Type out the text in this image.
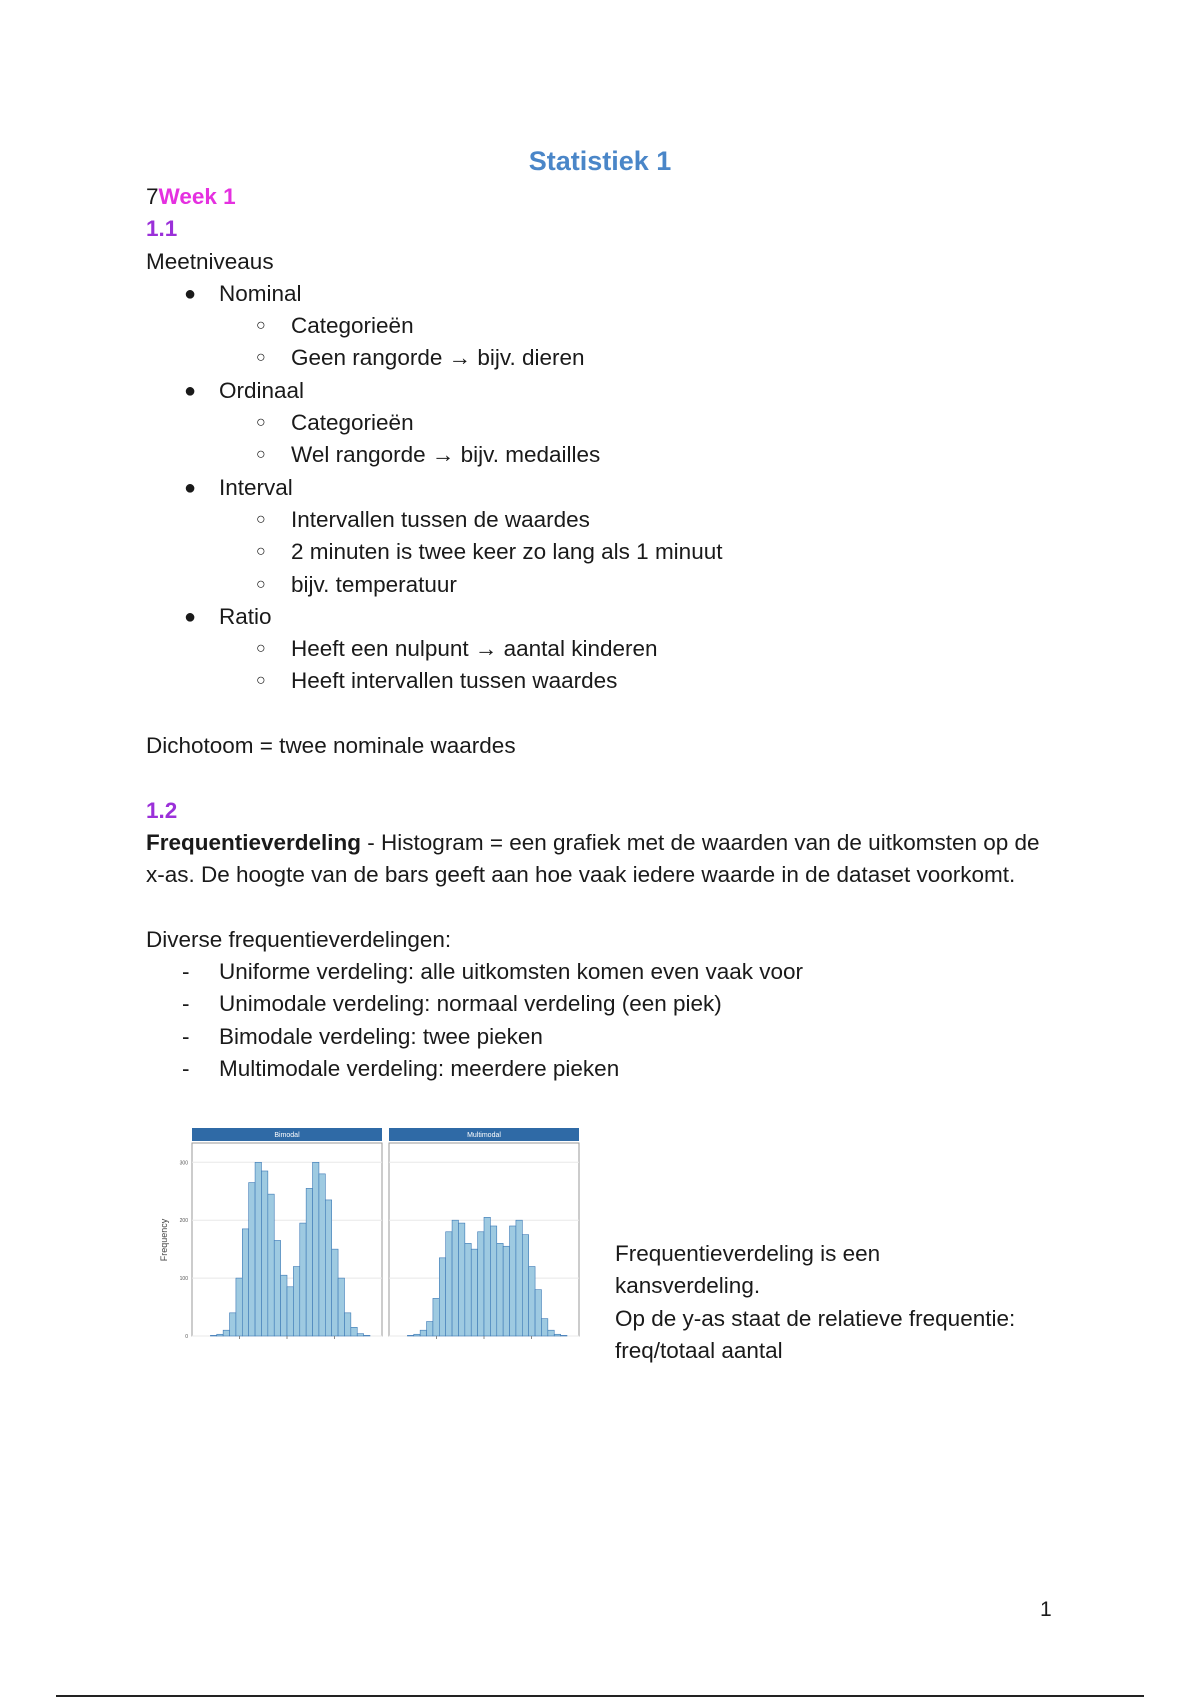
Statistiek 1
7Week 1
1.1
Meetniveaus
● Nominal
○ Categorieën
○ Geen rangorde → bijv. dieren
● Ordinaal
○ Categorieën
○ Wel rangorde → bijv. medailles
● Interval
○ Intervallen tussen de waardes
○ 2 minuten is twee keer zo lang als 1 minuut
○ bijv. temperatuur
● Ratio
○ Heeft een nulpunt → aantal kinderen
○ Heeft intervallen tussen waardes
Dichotoom = twee nominale waardes
1.2
Frequentieverdeling - Histogram = een grafiek met de waarden van de uitkomsten op de x-as. De hoogte van de bars geeft aan hoe vaak iedere waarde in de dataset voorkomt.
Diverse frequentieverdelingen:
- Uniforme verdeling: alle uitkomsten komen even vaak voor
- Unimodale verdeling: normaal verdeling (een piek)
- Bimodale verdeling: twee pieken
- Multimodale verdeling: meerdere pieken
Frequency
0
100
200
300
Bimodal	Multimodal
Frequentieverdeling is een
kansverdeling.
Op de y-as staat de relatieve frequentie:
freq/totaal aantal
1
